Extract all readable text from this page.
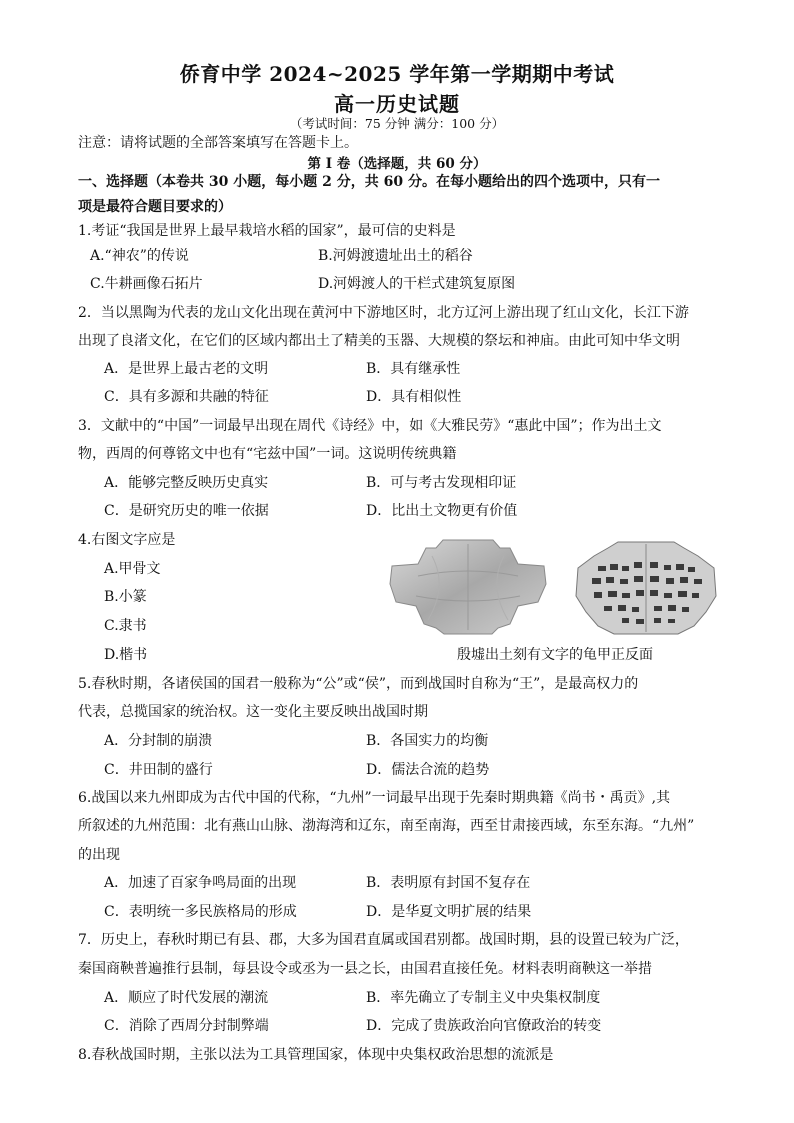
侨育中学 2024~2025 学年第一学期期中考试
高一历史试题
（考试时间：75 分钟 满分：100 分）
注意：请将试题的全部答案填写在答题卡上。
第 I 卷（选择题，共 60 分）
一、选择题（本卷共 30 小题，每小题 2 分，共 60 分。在每小题给出的四个选项中，只有一
项是最符合题目要求的）
1.考证“我国是世界上最早栽培水稻的国家”，最可信的史料是
A.“神农”的传说	B.河姆渡遗址出土的稻谷
C.牛耕画像石拓片	D.河姆渡人的干栏式建筑复原图
2．当以黑陶为代表的龙山文化出现在黄河中下游地区时，北方辽河上游出现了红山文化，长江下游
出现了良渚文化，在它们的区域内都出土了精美的玉器、大规模的祭坛和神庙。由此可知中华文明
A．是世界上最古老的文明	B．具有继承性
C．具有多源和共融的特征	D．具有相似性
3．文献中的“中国”一词最早出现在周代《诗经》中，如《大雅民劳》“惠此中国”；作为出土文
物，西周的何尊铭文中也有“宅兹中国”一词。这说明传统典籍
A．能够完整反映历史真实	B．可与考古发现相印证
C．是研究历史的唯一依据	D．比出土文物更有价值
4.右图文字应是
A.甲骨文
B.小篆
C.隶书
D.楷书	殷墟出土刻有文字的龟甲正反面
5.春秋时期，各诸侯国的国君一般称为“公”或“侯”，而到战国时自称为“王”，是最高权力的
代表，总揽国家的统治权。这一变化主要反映出战国时期
A．分封制的崩溃	B．各国实力的均衡
C．井田制的盛行	D．儒法合流的趋势
6.战国以来九州即成为古代中国的代称，“九州”一词最早出现于先秦时期典籍《尚书・禹贡》,其
所叙述的九州范围：北有燕山山脉、渤海湾和辽东，南至南海，西至甘肃接西域，东至东海。“九州”
的出现
A．加速了百家争鸣局面的出现	B．表明原有封国不复存在
C．表明统一多民族格局的形成	D．是华夏文明扩展的结果
7．历史上，春秋时期已有县、郡，大多为国君直属或国君别都。战国时期，县的设置已较为广泛，
秦国商鞅普遍推行县制，每县设令或丞为一县之长，由国君直接任免。材料表明商鞅这一举措
A．顺应了时代发展的潮流	B．率先确立了专制主义中央集权制度
C．消除了西周分封制弊端	D．完成了贵族政治向官僚政治的转变
8.春秋战国时期，主张以法为工具管理国家，体现中央集权政治思想的流派是
